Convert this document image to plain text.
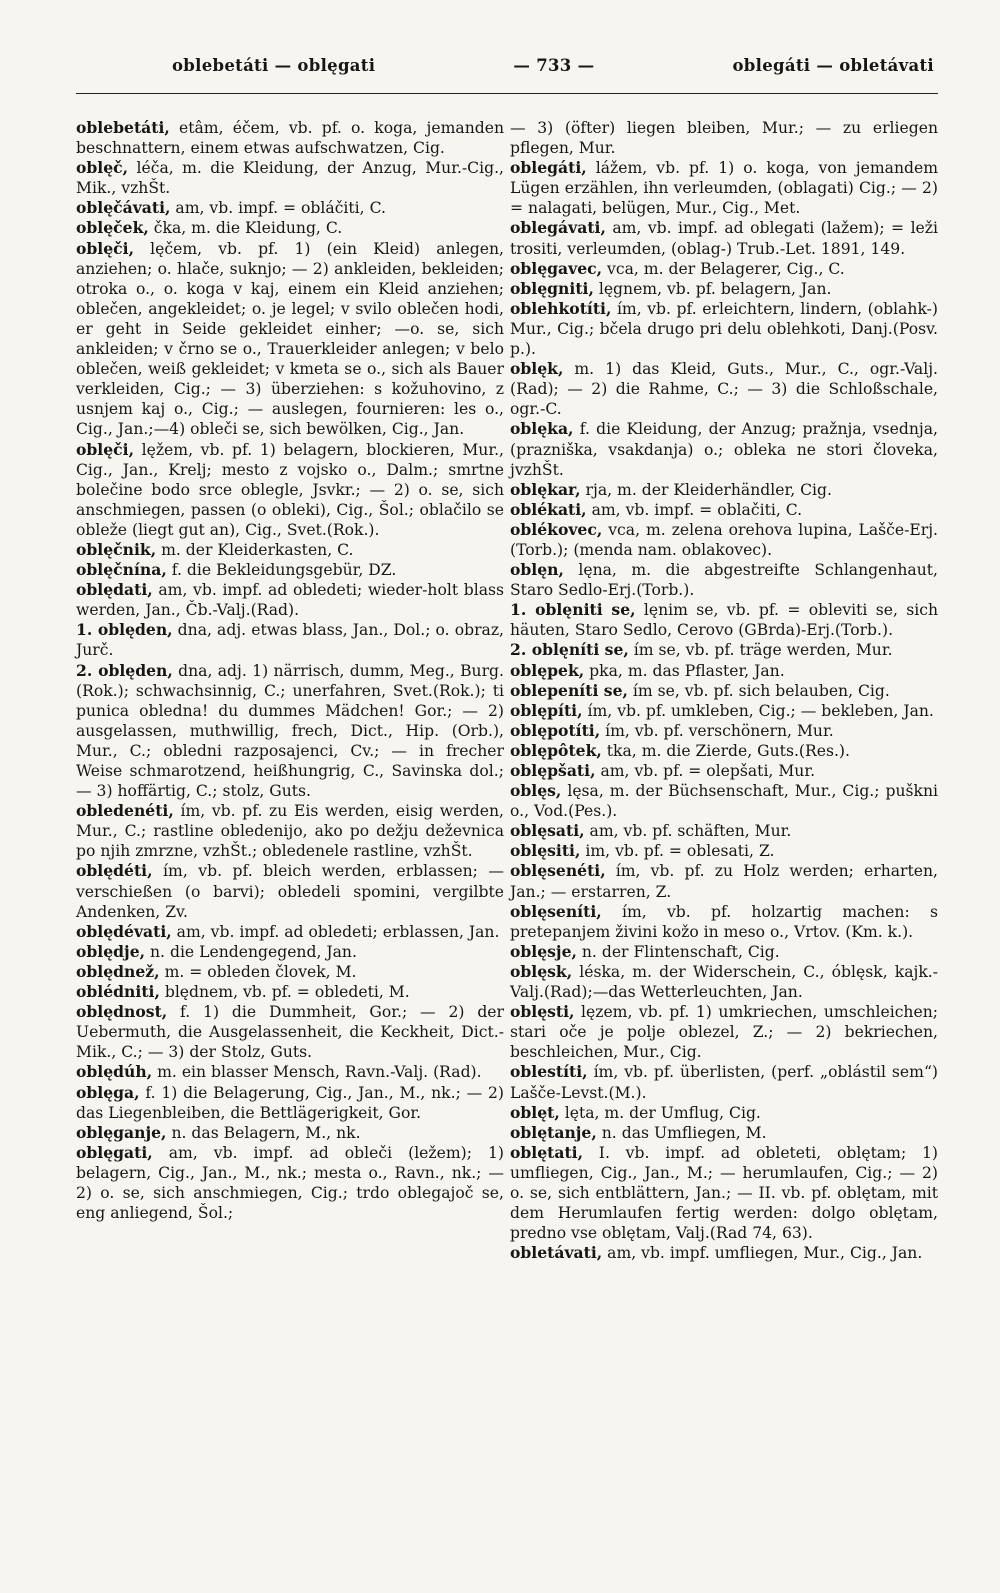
oblebetáti — oblęgati	— 733 —	oblegáti — obletávati
oblebetáti, etâm, éčem, vb. pf. o. koga, jemanden beschnattern, einem etwas aufschwatzen, Cig.
oblęč, léča, m. die Kleidung, der Anzug, Mur.-Cig., Mik., vzhŠt.
oblęčávati, am, vb. impf. = obláčiti, C.
oblęček, čka, m. die Kleidung, C.
oblęči, lęčem, vb. pf. 1) (ein Kleid) anlegen, anziehen; o. hlače, suknjo; — 2) ankleiden, bekleiden; otroka o., o. koga v kaj, einem ein Kleid anziehen; oblečen, angekleidet; o. je legel; v svilo oblečen hodi, er geht in Seide gekleidet einher; —o. se, sich ankleiden; v črno se o., Trauerkleider anlegen; v belo oblečen, weiß gekleidet; v kmeta se o., sich als Bauer verkleiden, Cig.; — 3) überziehen: s kožuhovino, z usnjem kaj o., Cig.; — auslegen, fournieren: les o., Cig., Jan.;—4) obleči se, sich bewölken, Cig., Jan.
oblęči, lęžem, vb. pf. 1) belagern, blockieren, Mur., Cig., Jan., Krelj; mesto z vojsko o., Dalm.; smrtne bolečine bodo srce oblegle, Jsvkr.; — 2) o. se, sich anschmiegen, passen (o obleki), Cig., Šol.; oblačilo se obleže (liegt gut an), Cig., Svet.(Rok.).
oblęčnik, m. der Kleiderkasten, C.
oblęčnína, f. die Bekleidungsgebür, DZ.
oblędati, am, vb. impf. ad obledeti; wieder-holt blass werden, Jan., Čb.-Valj.(Rad).
1. oblęden, dna, adj. etwas blass, Jan., Dol.; o. obraz, Jurč.
2. oblęden, dna, adj. 1) närrisch, dumm, Meg., Burg.(Rok.); schwachsinnig, C.; unerfahren, Svet.(Rok.); ti punica obledna! du dummes Mädchen! Gor.; — 2) ausgelassen, muthwillig, frech, Dict., Hip. (Orb.), Mur., C.; obledni razposajenci, Cv.; — in frecher Weise schmarotzend, heißhungrig, C., Savinska dol.; — 3) hoffärtig, C.; stolz, Guts.
obledenéti, ím, vb. pf. zu Eis werden, eisig werden, Mur., C.; rastline obledenijo, ako po dežju deževnica po njih zmrzne, vzhŠt.; obledenele rastline, vzhŠt.
oblędéti, ím, vb. pf. bleich werden, erblassen; — verschießen (o barvi); obledeli spomini, vergilbte Andenken, Zv.
oblędévati, am, vb. impf. ad obledeti; erblassen, Jan.
oblędje, n. die Lendengegend, Jan.
oblędnež, m. = obleden človek, M.
oblédniti, blędnem, vb. pf. = obledeti, M.
oblędnost, f. 1) die Dummheit, Gor.; — 2) der Uebermuth, die Ausgelassenheit, die Keckheit, Dict.-Mik., C.; — 3) der Stolz, Guts.
oblędúh, m. ein blasser Mensch, Ravn.-Valj. (Rad).
oblęga, f. 1) die Belagerung, Cig., Jan., M., nk.; — 2) das Liegenbleiben, die Bettlägerigkeit, Gor.
oblęganje, n. das Belagern, M., nk.
oblęgati, am, vb. impf. ad obleči (ležem); 1) belagern, Cig., Jan., M., nk.; mesta o., Ravn., nk.; — 2) o. se, sich anschmiegen, Cig.; trdo oblegajoč se, eng anliegend, Šol.;
— 3) (öfter) liegen bleiben, Mur.; — zu erliegen pflegen, Mur.
oblegáti, lážem, vb. pf. 1) o. koga, von jemandem Lügen erzählen, ihn verleumden, (oblagati) Cig.; — 2) = nalagati, belügen, Mur., Cig., Met.
oblegávati, am, vb. impf. ad oblegati (lažem); = leži trositi, verleumden, (oblag-) Trub.-Let. 1891, 149.
oblęgavec, vca, m. der Belagerer, Cig., C.
oblęgniti, lęgnem, vb. pf. belagern, Jan.
oblehkotíti, ím, vb. pf. erleichtern, lindern, (oblahk-) Mur., Cig.; bčela drugo pri delu oblehkoti, Danj.(Posv. p.).
oblęk, m. 1) das Kleid, Guts., Mur., C., ogr.-Valj.(Rad); — 2) die Rahme, C.; — 3) die Schloßschale, ogr.-C.
oblęka, f. die Kleidung, der Anzug; pražnja, vsednja, (prazniška, vsakdanja) o.; obleka ne stori človeka, jvzhŠt.
oblękar, rja, m. der Kleiderhändler, Cig.
oblékati, am, vb. impf. = oblačiti, C.
oblékovec, vca, m. zelena orehova lupina, Lašče-Erj.(Torb.); (menda nam. oblakovec).
oblęn, lęna, m. die abgestreifte Schlangenhaut, Staro Sedlo-Erj.(Torb.).
1. oblęniti se, lęnim se, vb. pf. = obleviti se, sich häuten, Staro Sedlo, Cerovo (GBrda)-Erj.(Torb.).
2. oblęníti se, ím se, vb. pf. träge werden, Mur.
oblępek, pka, m. das Pflaster, Jan.
oblepeníti se, ím se, vb. pf. sich belauben, Cig.
oblępíti, ím, vb. pf. umkleben, Cig.; — bekleben, Jan.
oblępotíti, ím, vb. pf. verschönern, Mur.
oblępôtek, tka, m. die Zierde, Guts.(Res.).
oblępšati, am, vb. pf. = olepšati, Mur.
oblęs, lęsa, m. der Büchsenschaft, Mur., Cig.; puškni o., Vod.(Pes.).
oblęsati, am, vb. pf. schäften, Mur.
oblęsiti, im, vb. pf. = oblesati, Z.
oblęsenéti, ím, vb. pf. zu Holz werden; erharten, Jan.; — erstarren, Z.
oblęseníti, ím, vb. pf. holzartig machen: s pretepanjem živini kožo in meso o., Vrtov. (Km. k.).
oblęsje, n. der Flintenschaft, Cig.
oblęsk, léska, m. der Widerschein, C., óblęsk, kajk.-Valj.(Rad);—das Wetterleuchten, Jan.
oblęsti, lęzem, vb. pf. 1) umkriechen, umschleichen; stari oče je polje oblezel, Z.; — 2) bekriechen, beschleichen, Mur., Cig.
oblestíti, ím, vb. pf. überlisten, (perf. „oblástil sem“) Lašče-Levst.(M.).
oblęt, lęta, m. der Umflug, Cig.
oblętanje, n. das Umfliegen, M.
oblętati, I. vb. impf. ad obleteti, oblętam; 1) umfliegen, Cig., Jan., M.; — herumlaufen, Cig.; — 2) o. se, sich entblättern, Jan.; — II. vb. pf. oblętam, mit dem Herumlaufen fertig werden: dolgo oblętam, predno vse oblętam, Valj.(Rad 74, 63).
obletávati, am, vb. impf. umfliegen, Mur., Cig., Jan.
